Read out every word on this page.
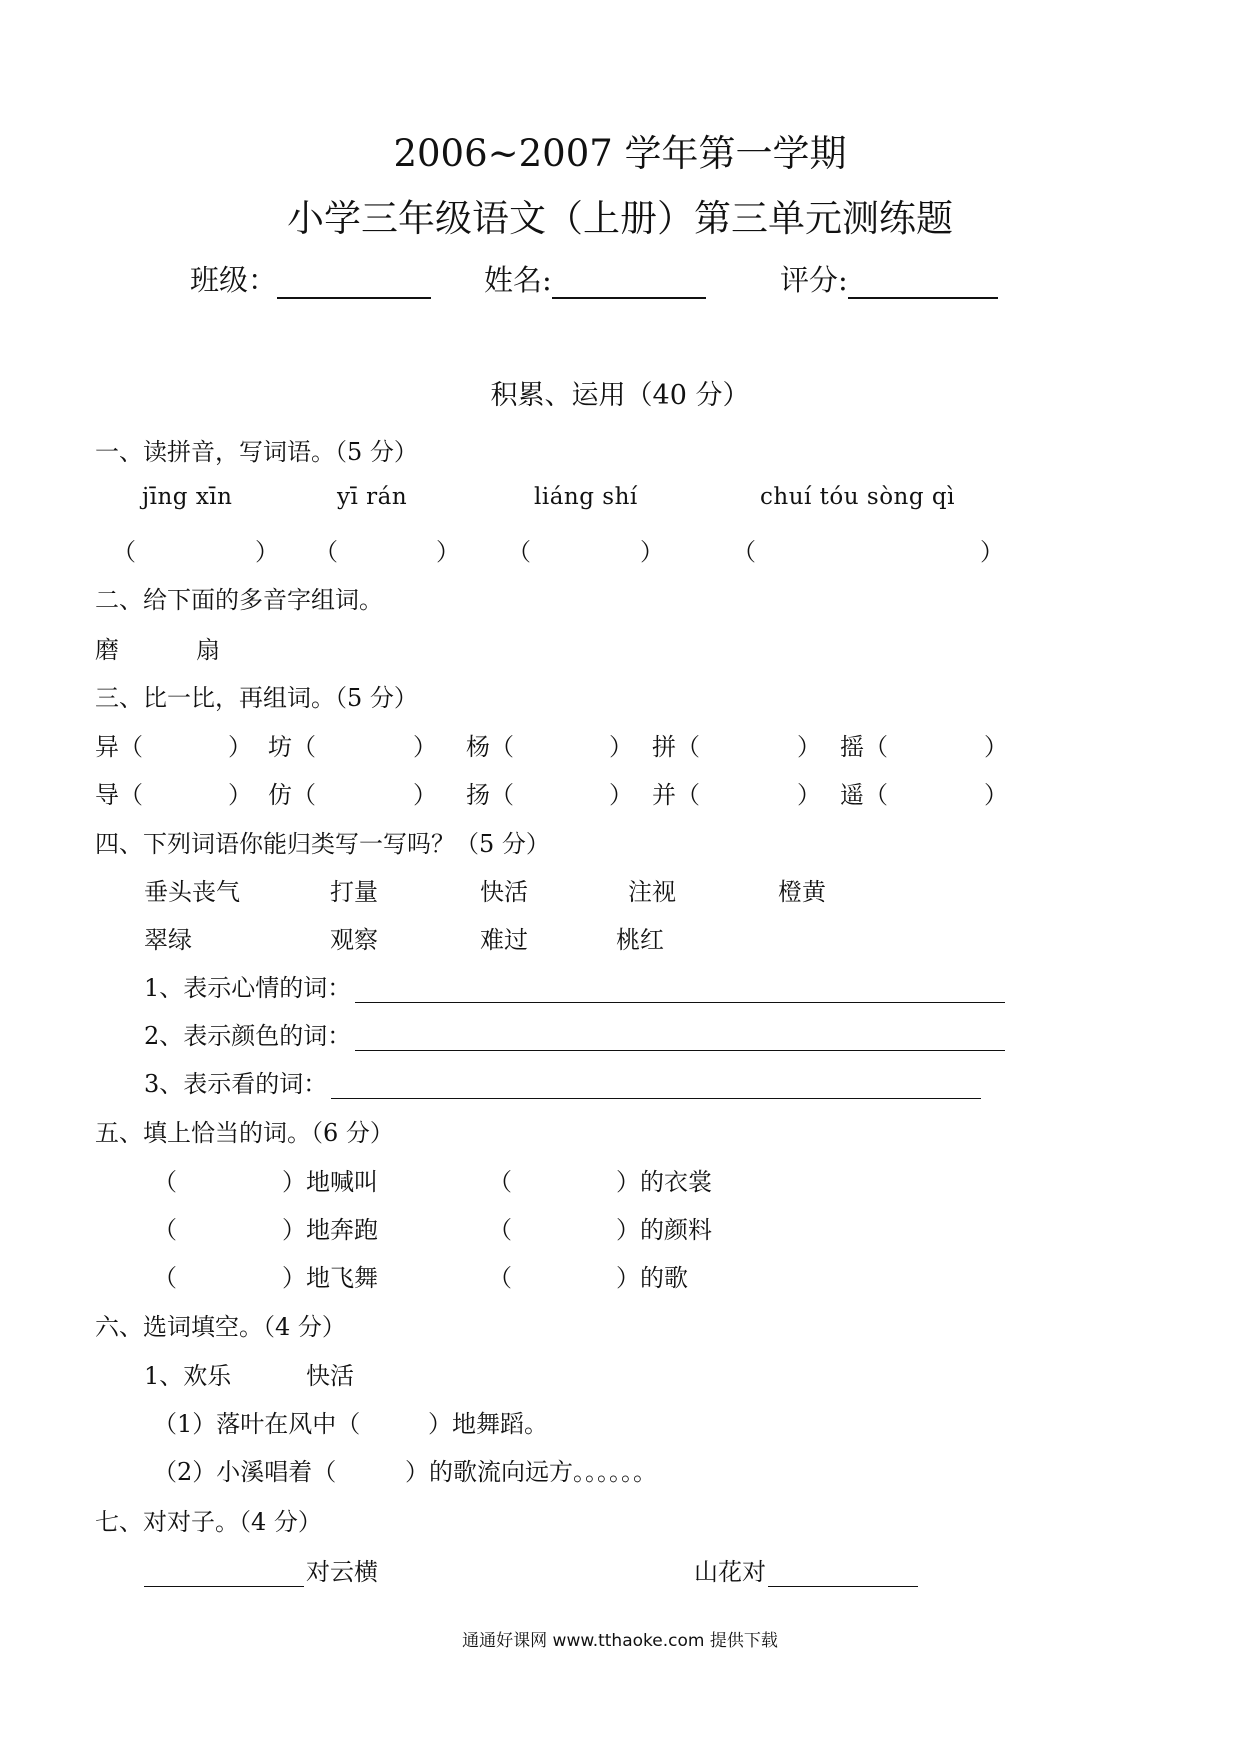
2006~2007 学年第一学期
小学三年级语文（上册）第三单元测练题
班级：	姓名:	评分:
积累、运用（40 分）
一、读拼音，写词语。（5 分）
jīng xīn	yī rán	liáng shí	chuí tóu sòng qì
（	） （	） （	）	（	）
二、给下面的多音字组词。
磨	扇
三、比一比，再组词。（5 分）
异（	） 坊（	） 杨（	） 拼（	） 摇（	）
导（	） 仿（	） 扬（	） 并（	） 遥（	）
四、下列词语你能归类写一写吗？（5 分）
垂头丧气	打量	快活	注视	橙黄
翠绿	观察	难过	桃红
1、表示心情的词：
2、表示颜色的词：
3、表示看的词：
五、填上恰当的词。（6 分）
（	）地喊叫	（	）的衣裳
（	）地奔跑	（	）的颜料
（	）地飞舞	（	）的歌
六、选词填空。（4 分）
1、欢乐	快活
（1）落叶在风中（	）地舞蹈。
（2）小溪唱着（	）的歌流向远方。。。。。。
七、对对子。（4 分）
对云横	山花对
通通好课网 www.tthaoke.com 提供下载
